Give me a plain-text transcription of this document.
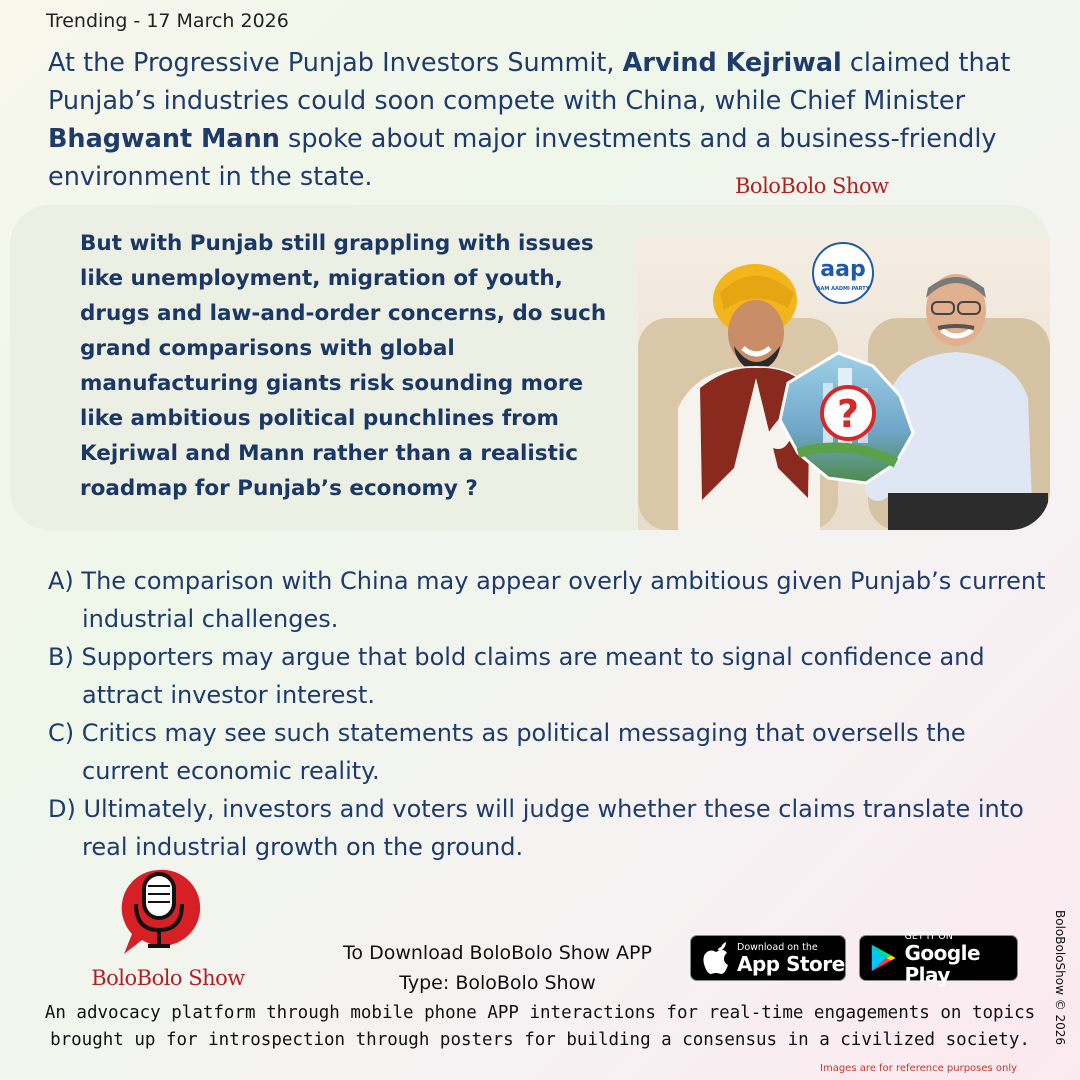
Trending - 17 March 2026

At the Progressive Punjab Investors Summit, Arvind Kejriwal claimed that Punjab’s industries could soon compete with China, while Chief Minister Bhagwant Mann spoke about major investments and a business-friendly environment in the state.	BoloBolo Show

But with Punjab still grappling with issues like unemployment, migration of youth, drugs and law-and-order concerns, do such grand comparisons with global manufacturing giants risk sounding more like ambitious political punchlines from Kejriwal and Mann rather than a realistic roadmap for Punjab’s economy ?

?
aap
AAM AADMI PARTY
A) The comparison with China may appear overly ambitious given Punjab’s current industrial challenges.
B) Supporters may argue that bold claims are meant to signal confidence and attract investor interest.
C) Critics may see such statements as political messaging that oversells the current economic reality.
D) Ultimately, investors and voters will judge whether these claims translate into real industrial growth on the ground.
BoloBolo Show
To Download BoloBolo Show APP
Type: BoloBolo Show
Download on the
App Store
GET IT ON
Google Play

An advocacy platform through mobile phone APP interactions for real-time engagements on topics brought up for introspection through posters for building a consensus in a civilized society.	BoloBoloShow © 2026
Images are for reference purposes only
